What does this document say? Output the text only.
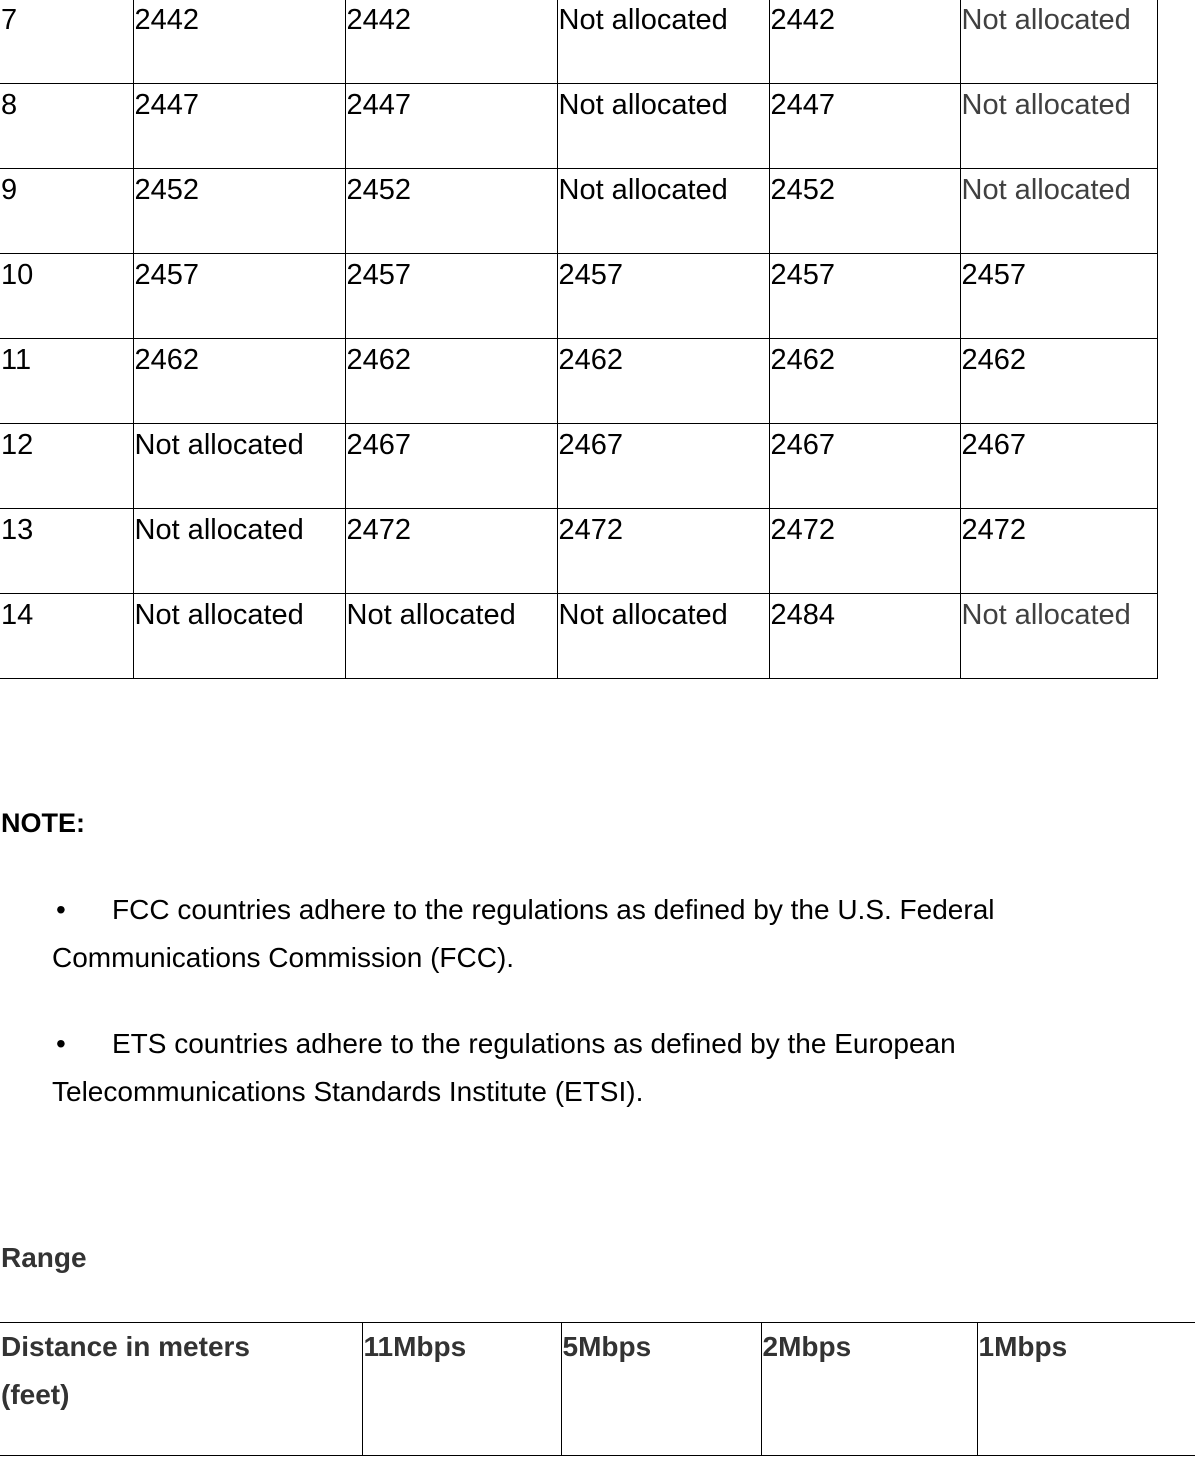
7	2442	2442	Not allocated	2442	Not allocated
8	2447	2447	Not allocated	2447	Not allocated
9	2452	2452	Not allocated	2452	Not allocated
10	2457	2457	2457	2457	2457
11	2462	2462	2462	2462	2462
12	Not allocated	2467	2467	2467	2467
13	Not allocated	2472	2472	2472	2472
14	Not allocated	Not allocated	Not allocated	2484	Not allocated
NOTE:
• FCC countries adhere to the regulations as defined by the U.S. Federal
Communications Commission (FCC).
• ETS countries adhere to the regulations as defined by the European
Telecommunications Standards Institute (ETSI).
Range
Distance in meters
(feet)
	11Mbps	5Mbps	2Mbps	1Mbps
